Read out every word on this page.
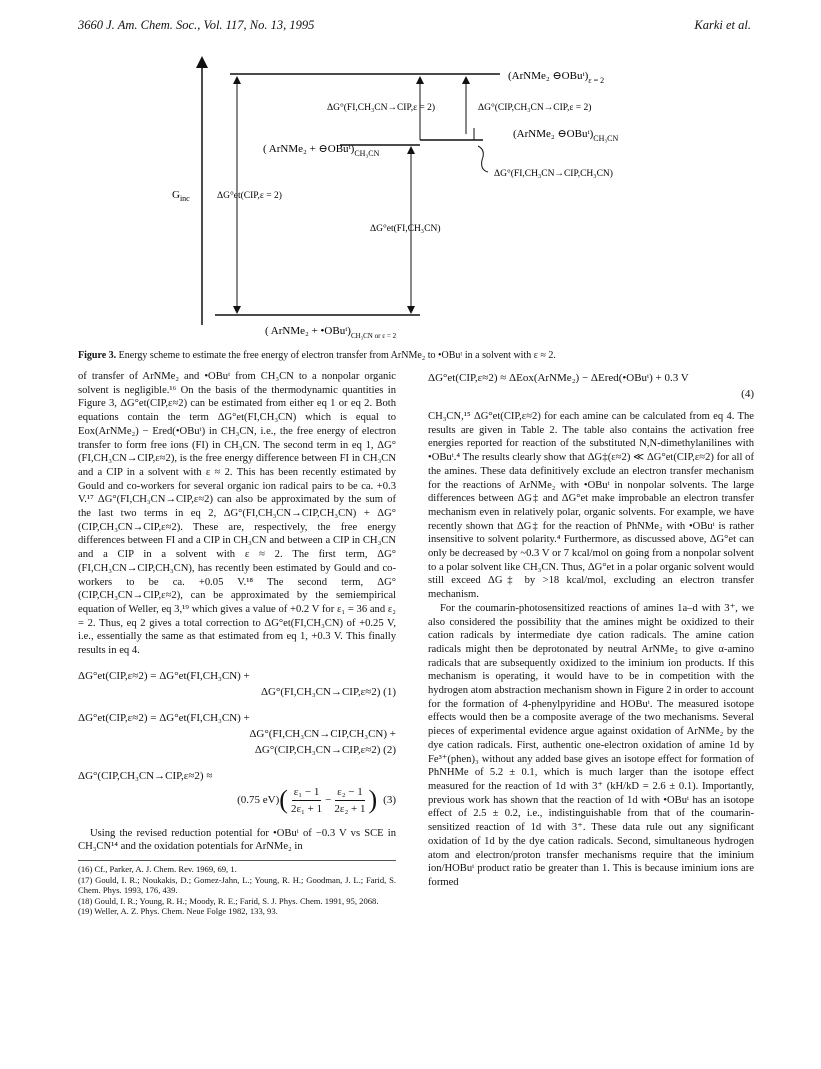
3660 J. Am. Chem. Soc., Vol. 117, No. 13, 1995	Karki et al.
$G_{inc}$
(ArNMe₂ $⊖OBuᵗ)_{\varepsilon = 2}$
(ArNMe₂ $⊖OBuᵗ)_{CH_3CN}$
( ArNMe₂ + $⊖OBuᵗ)_{CH_3CN}$
( ArNMe₂ + $•OBuᵗ)_{CH_3CN or \varepsilon = 2}$
ΔG°(FI,CH₃CN→CIP,ε = 2)	ΔG°(CIP,CH₃CN→CIP,ε = 2)
ΔG°(FI,CH₃CN→CIP,CH₃CN)
ΔG°et(CIP,ε = 2)
ΔG°et(FI,CH₃CN)
Figure 3. Energy scheme to estimate the free energy of electron transfer from ArNMe₂ to •OBuᵗ in a solvent with ε ≈ 2.

of transfer of ArNMe₂ and •OBuᵗ from CH₃CN to a nonpolar organic solvent is negligible.¹⁶ On the basis of the thermodynamic quantities in Figure 3, ΔG°et(CIP,ε≈2) can be estimated from either eq 1 or eq 2. Both equations contain the term ΔG°et(FI,CH₃CN) which is equal to Eox(ArNMe₂) − Ered(•OBuᵗ) in CH₃CN, i.e., the free energy of electron transfer to form free ions (FI) in CH₃CN. The second term in eq 1, ΔG°(FI,CH₃CN→CIP,ε≈2), is the free energy difference between FI in CH₃CN and a CIP in a solvent with ε ≈ 2. This has been recently estimated by Gould and co-workers for several organic ion radical pairs to be ca. +0.3 V.¹⁷ ΔG°(FI,CH₃CN→CIP,ε≈2) can also be approximated by the sum of the last two terms in eq 2, ΔG°(FI,CH₃CN→CIP,CH₃CN) + ΔG°(CIP,CH₃CN→CIP,ε≈2). These are, respectively, the free energy differences between FI and a CIP in CH₃CN and between a CIP in CH₃CN and a CIP in a solvent with ε ≈ 2. The first term, ΔG°(FI,CH₃CN→CIP,CH₃CN), has recently been estimated by Gould and co-workers to be ca. +0.05 V.¹⁸ The second term, ΔG°(CIP,CH₃CN→CIP,ε≈2), can be approximated by the semiempirical equation of Weller, eq 3,¹⁹ which gives a value of +0.2 V for ε₁ = 36 and ε₂ = 2. Thus, eq 2 gives a total correction to ΔG°et(FI,CH₃CN) of +0.25 V, i.e., essentially the same as that estimated from eq 1, +0.3 V. This finally results in eq 4.

ΔG°et(CIP,ε≈2) = ΔG°et(FI,CH₃CN) +
ΔG°(FI,CH₃CN→CIP,ε≈2) (1)
ΔG°et(CIP,ε≈2) = ΔG°et(FI,CH₃CN) +
ΔG°(FI,CH₃CN→CIP,CH₃CN) +
ΔG°(CIP,CH₃CN→CIP,ε≈2) (2)
ΔG°(CIP,CH₃CN→CIP,ε≈2) ≈
(0.75 eV) ( ε₁ − 1
2ε₁ + 1
− $\frac{\text{ε₂ − 1}}{\text{2ε₂ + 1}}$ ) (3)

Using the revised reduction potential for •OBuᵗ of −0.3 V vs SCE in CH₃CN¹⁴ and the oxidation potentials for ArNMe₂ in

(16) Cf., Parker, A. J. Chem. Rev. 1969, 69, 1.
(17) Gould, I. R.; Noukakis, D.; Gomez-Jahn, L.; Young, R. H.; Goodman, J. L.; Farid, S. Chem. Phys. 1993, 176, 439.
(18) Gould, I. R.; Young, R. H.; Moody, R. E.; Farid, S. J. Phys. Chem. 1991, 95, 2068.
(19) Weller, A. Z. Phys. Chem. Neue Folge 1982, 133, 93.
ΔG°et(CIP,ε≈2) ≈ ΔEox(ArNMe₂) − ΔEred(•OBuᵗ) + 0.3 V
(4)

CH₃CN,¹⁵ ΔG°et(CIP,ε≈2) for each amine can be calculated from eq 4. The results are given in Table 2. The table also contains the activation free energies reported for reaction of the substituted N,N-dimethylanilines with •OBuᵗ.⁴ The results clearly show that ΔG‡(ε≈2) ≪ ΔG°et(CIP,ε≈2) for all of the amines. These data definitively exclude an electron transfer mechanism for the reactions of ArNMe₂ with •OBuᵗ in nonpolar solvents. The large differences between ΔG‡ and ΔG°et make improbable an electron transfer mechanism even in relatively polar, organic solvents. For example, we have recently shown that ΔG‡ for the reaction of PhNMe₂ with •OBuᵗ is rather insensitive to solvent polarity.⁴ Furthermore, as discussed above, ΔG°et can only be decreased by ~0.3 V or 7 kcal/mol on going from a nonpolar solvent to a polar solvent like CH₃CN. Thus, ΔG°et in a polar organic solvent would still exceed ΔG‡ by >18 kcal/mol, excluding an electron transfer mechanism.

For the coumarin-photosensitized reactions of amines 1a–d with 3⁺, we also considered the possibility that the amines might be oxidized to their cation radicals by intermediate dye cation radicals. The amine cation radicals might then be deprotonated by neutral ArNMe₂ to give α-amino radicals that are subsequently oxidized to the iminium ion products. If this mechanism is operating, it would have to be in competition with the hydrogen atom abstraction mechanism shown in Figure 2 in order to account for the formation of 4-phenylpyridine and HOBuᵗ. The measured isotope effects would then be a composite average of the two mechanisms. Several pieces of experimental evidence argue against oxidation of ArNMe₂ by the dye cation radicals. First, authentic one-electron oxidation of amine 1d by Fe³⁺(phen)₃ without any added base gives an isotope effect for formation of PhNHMe of 5.2 ± 0.1, which is much larger than the isotope effect measured for the reaction of 1d with 3⁺ (kH/kD = 2.6 ± 0.1). Importantly, previous work has shown that the reaction of 1d with •OBuᵗ has an isotope effect of 2.5 ± 0.2, i.e., indistinguishable from that of the coumarin-sensitized reaction of 1d with 3⁺. These data rule out any significant oxidation of 1d by the dye cation radicals. Second, simultaneous hydrogen atom and electron/proton transfer mechanisms require that the iminium ion/HOBuᵗ product ratio be greater than 1. This is because iminium ions are formed
